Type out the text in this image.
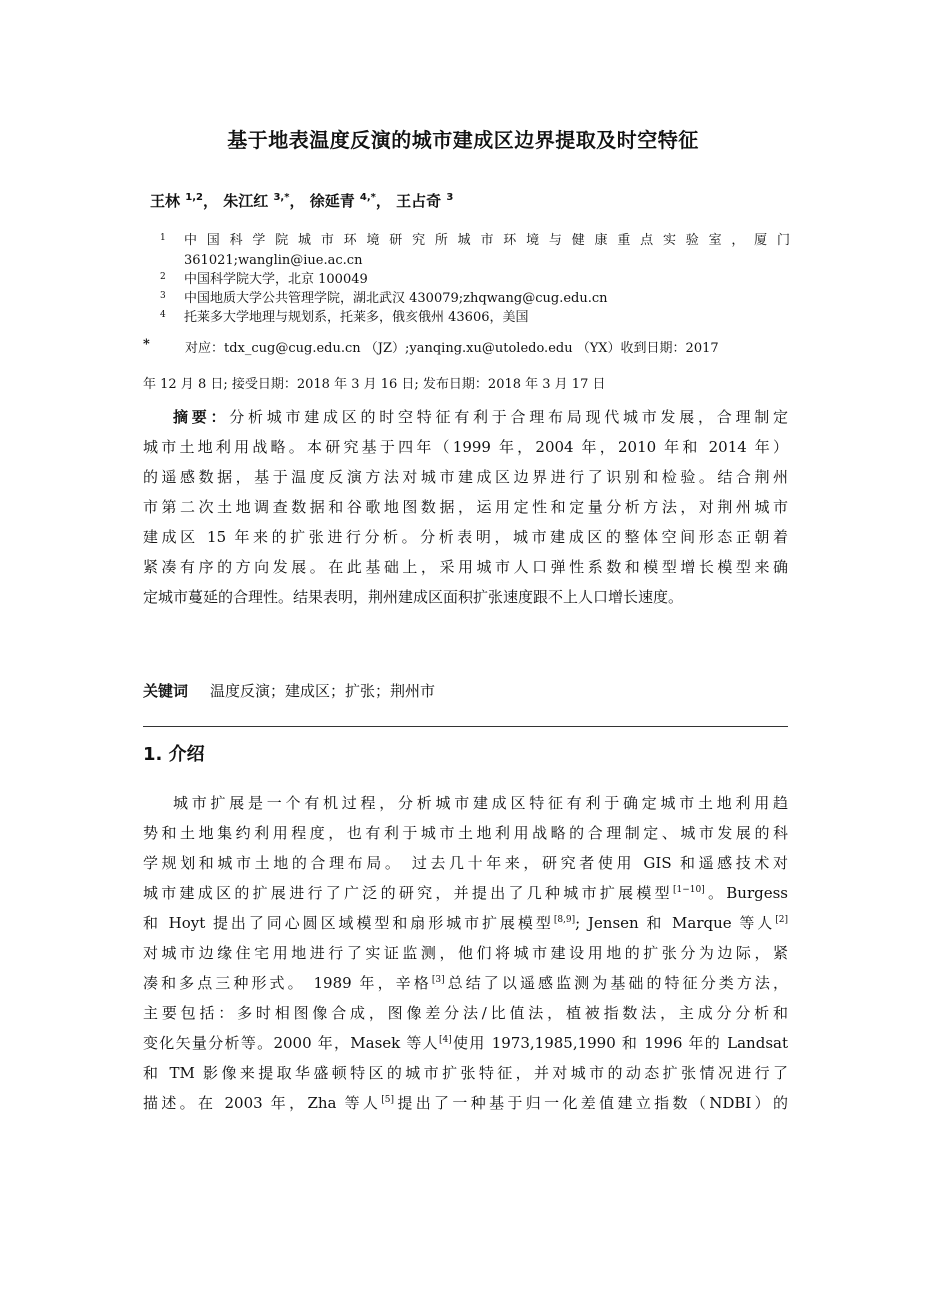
基于地表温度反演的城市建成区边界提取及时空特征
王林 $^{1,2}$， 朱江红 $^{3,*}$， 徐延青 $^{4,*}$， 王占奇 $^3$
1 中 国 科 学 院 城 市 环 境 研 究 所 城 市 环 境 与 健 康 重 点 实 验 室 ， 厦 门
361021;wanglin@iue.ac.cn
2 中国科学院大学，北京 100049
3 中国地质大学公共管理学院，湖北武汉 430079;zhqwang@cug.edu.cn
4 托莱多大学地理与规划系，托莱多，俄亥俄州 43606，美国
*	对应：tdx_cug@cug.edu.cn （JZ）;yanqing.xu@utoledo.edu （YX）收到日期：2017
年 12 月 8 日; 接受日期：2018 年 3 月 16 日; 发布日期：2018 年 3 月 17 日
摘要：分析城市建成区的时空特征有利于合理布局现代城市发展，合理制定
城市土地利用战略。本研究基于四年（1999 年，2004 年，2010 年和 2014 年）
的遥感数据，基于温度反演方法对城市建成区边界进行了识别和检验。结合荆州
市第二次土地调查数据和谷歌地图数据，运用定性和定量分析方法，对荆州城市
建成区 15 年来的扩张进行分析。分析表明，城市建成区的整体空间形态正朝着
紧凑有序的方向发展。在此基础上，采用城市人口弹性系数和模型增长模型来确
定城市蔓延的合理性。结果表明，荆州建成区面积扩张速度跟不上人口增长速度。
关键词 温度反演；建成区；扩张；荆州市
1. 介绍
城市扩展是一个有机过程，分析城市建成区特征有利于确定城市土地利用趋
势和土地集约利用程度，也有利于城市土地利用战略的合理制定、城市发展的科
学规划和城市土地的合理布局。 过去几十年来，研究者使用 GIS 和遥感技术对
城市建成区的扩展进行了广泛的研究，并提出了几种城市扩展模型[1−10]。Burgess
和 Hoyt 提出了同心圆区域模型和扇形城市扩展模型[8,9]; Jensen 和 Marque 等人[2]
对城市边缘住宅用地进行了实证监测，他们将城市建设用地的扩张分为边际，紧
凑和多点三种形式。 1989 年，辛格[3]总结了以遥感监测为基础的特征分类方法，
主要包括：多时相图像合成，图像差分法/比值法，植被指数法，主成分分析和
变化矢量分析等。2000 年，Masek 等人[4]使用 1973,1985,1990 和 1996 年的 Landsat
和 TM 影像来提取华盛顿特区的城市扩张特征，并对城市的动态扩张情况进行了
描述。在 2003 年，Zha 等人[5]提出了一种基于归一化差值建立指数（NDBI）的
